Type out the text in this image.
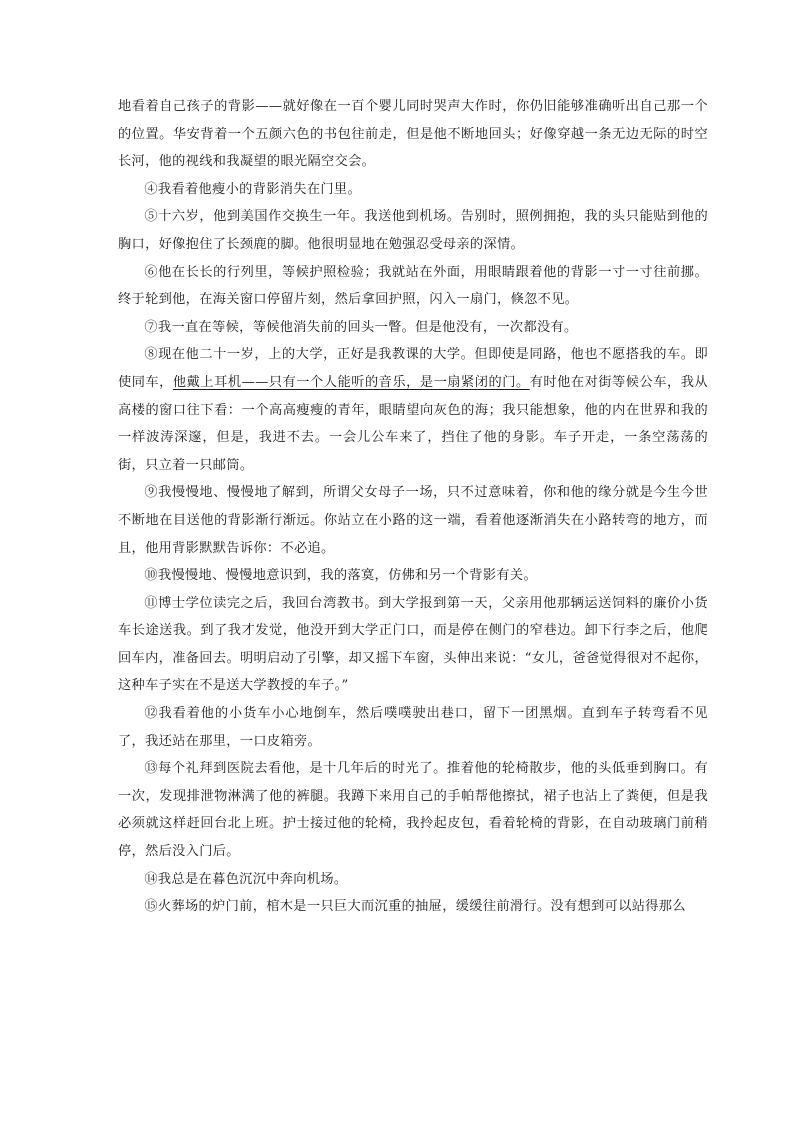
地看着自己孩子的背影——就好像在一百个婴儿同时哭声大作时，你仍旧能够准确听出自己那一个的位置。华安背着一个五颜六色的书包往前走，但是他不断地回头；好像穿越一条无边无际的时空长河，他的视线和我凝望的眼光隔空交会。

④我看着他瘦小的背影消失在门里。

⑤十六岁，他到美国作交换生一年。我送他到机场。告别时，照例拥抱，我的头只能贴到他的胸口，好像抱住了长颈鹿的脚。他很明显地在勉强忍受母亲的深情。

⑥他在长长的行列里，等候护照检验；我就站在外面，用眼睛跟着他的背影一寸一寸往前挪。终于轮到他，在海关窗口停留片刻，然后拿回护照，闪入一扇门，倏忽不见。

⑦我一直在等候，等候他消失前的回头一瞥。但是他没有，一次都没有。

⑧现在他二十一岁，上的大学，正好是我教课的大学。但即使是同路，他也不愿搭我的车。即使同车，他戴上耳机——只有一个人能听的音乐，是一扇紧闭的门。有时他在对街等候公车，我从高楼的窗口往下看：一个高高瘦瘦的青年，眼睛望向灰色的海；我只能想象，他的内在世界和我的一样波涛深邃，但是，我进不去。一会儿公车来了，挡住了他的身影。车子开走，一条空荡荡的街，只立着一只邮筒。

⑨我慢慢地、慢慢地了解到，所谓父女母子一场，只不过意味着，你和他的缘分就是今生今世不断地在目送他的背影渐行渐远。你站立在小路的这一端，看着他逐渐消失在小路转弯的地方，而且，他用背影默默告诉你：不必追。

⑩我慢慢地、慢慢地意识到，我的落寞，仿佛和另一个背影有关。

⑪博士学位读完之后，我回台湾教书。到大学报到第一天，父亲用他那辆运送饲料的廉价小货车长途送我。到了我才发觉，他没开到大学正门口，而是停在侧门的窄巷边。卸下行李之后，他爬回车内，准备回去。明明启动了引擎，却又摇下车窗，头伸出来说：“女儿，爸爸觉得很对不起你，这种车子实在不是送大学教授的车子。”

⑫我看着他的小货车小心地倒车，然后噗噗驶出巷口，留下一团黑烟。直到车子转弯看不见了，我还站在那里，一口皮箱旁。

⑬每个礼拜到医院去看他，是十几年后的时光了。推着他的轮椅散步，他的头低垂到胸口。有一次，发现排泄物淋满了他的裤腿。我蹲下来用自己的手帕帮他擦拭，裙子也沾上了粪便，但是我必须就这样赶回台北上班。护士接过他的轮椅，我拎起皮包，看着轮椅的背影，在自动玻璃门前稍停，然后没入门后。

⑭我总是在暮色沉沉中奔向机场。

⑮火葬场的炉门前，棺木是一只巨大而沉重的抽屉，缓缓往前滑行。没有想到可以站得那么
